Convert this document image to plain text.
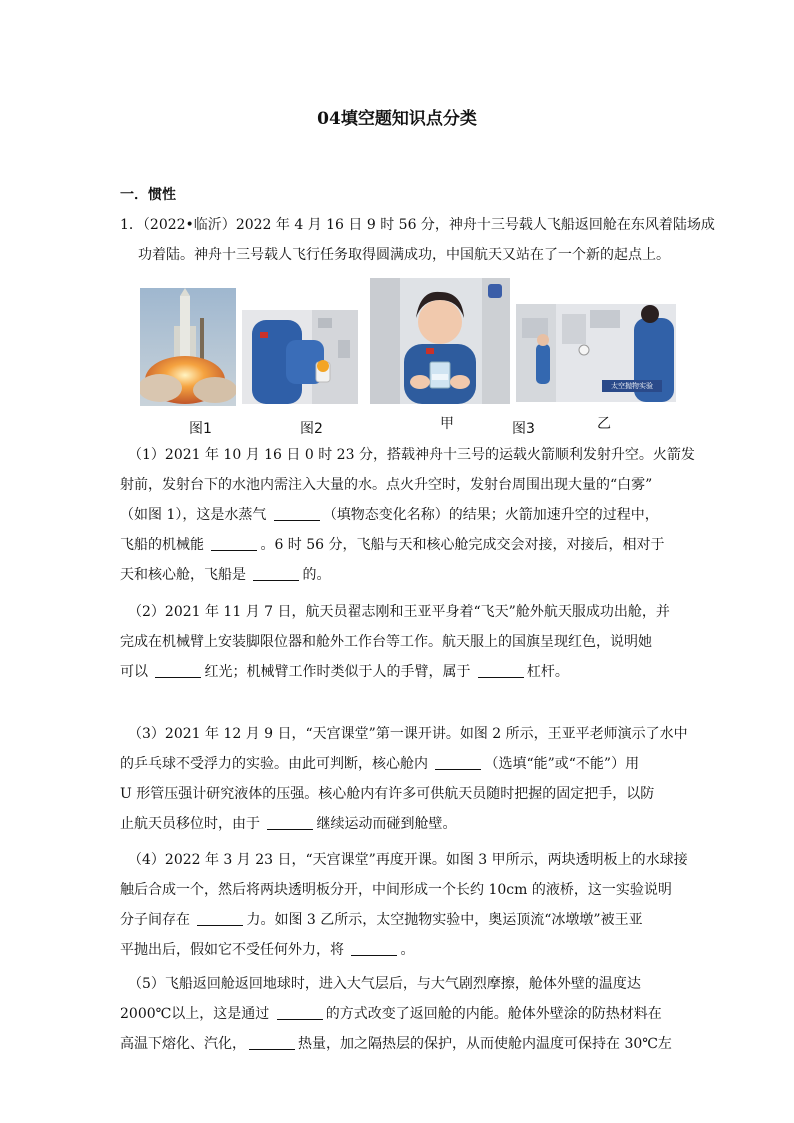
04填空题知识点分类
一．惯性
1．（2022•临沂）2022 年 4 月 16 日 9 时 56 分，神舟十三号载人飞船返回舱在东风着陆场成
功着陆。神舟十三号载人飞行任务取得圆满成功，中国航天又站在了一个新的起点上。
太空抛物实验
图1	图2	甲	图3	乙
（1）2021 年 10 月 16 日 0 时 23 分，搭载神舟十三号的运载火箭顺利发射升空。火箭发
射前，发射台下的水池内需注入大量的水。点火升空时，发射台周围出现大量的“白雾”
（如图 1），这是水蒸气	（填物态变化名称）的结果；火箭加速升空的过程中，
飞船的机械能	。6 时 56 分，飞船与天和核心舱完成交会对接，对接后，相对于
天和核心舱，飞船是	的。
（2）2021 年 11 月 7 日，航天员翟志刚和王亚平身着“飞天”舱外航天服成功出舱，并
完成在机械臂上安装脚限位器和舱外工作台等工作。航天服上的国旗呈现红色，说明她
可以	红光；机械臂工作时类似于人的手臂，属于	杠杆。
（3）2021 年 12 月 9 日，“天宫课堂”第一课开讲。如图 2 所示，王亚平老师演示了水中
的乒乓球不受浮力的实验。由此可判断，核心舱内	（选填“能”或“不能”）用
U 形管压强计研究液体的压强。核心舱内有许多可供航天员随时把握的固定把手，以防
止航天员移位时，由于	继续运动而碰到舱壁。
（4）2022 年 3 月 23 日，“天宫课堂”再度开课。如图 3 甲所示，两块透明板上的水球接
触后合成一个，然后将两块透明板分开，中间形成一个长约 10cm 的液桥，这一实验说明
分子间存在	力。如图 3 乙所示，太空抛物实验中，奥运顶流“冰墩墩”被王亚
平抛出后，假如它不受任何外力，将	。
（5）飞船返回舱返回地球时，进入大气层后，与大气剧烈摩擦，舱体外壁的温度达
2000℃以上，这是通过	的方式改变了返回舱的内能。舱体外壁涂的防热材料在
高温下熔化、汽化，	热量，加之隔热层的保护，从而使舱内温度可保持在 30℃左
